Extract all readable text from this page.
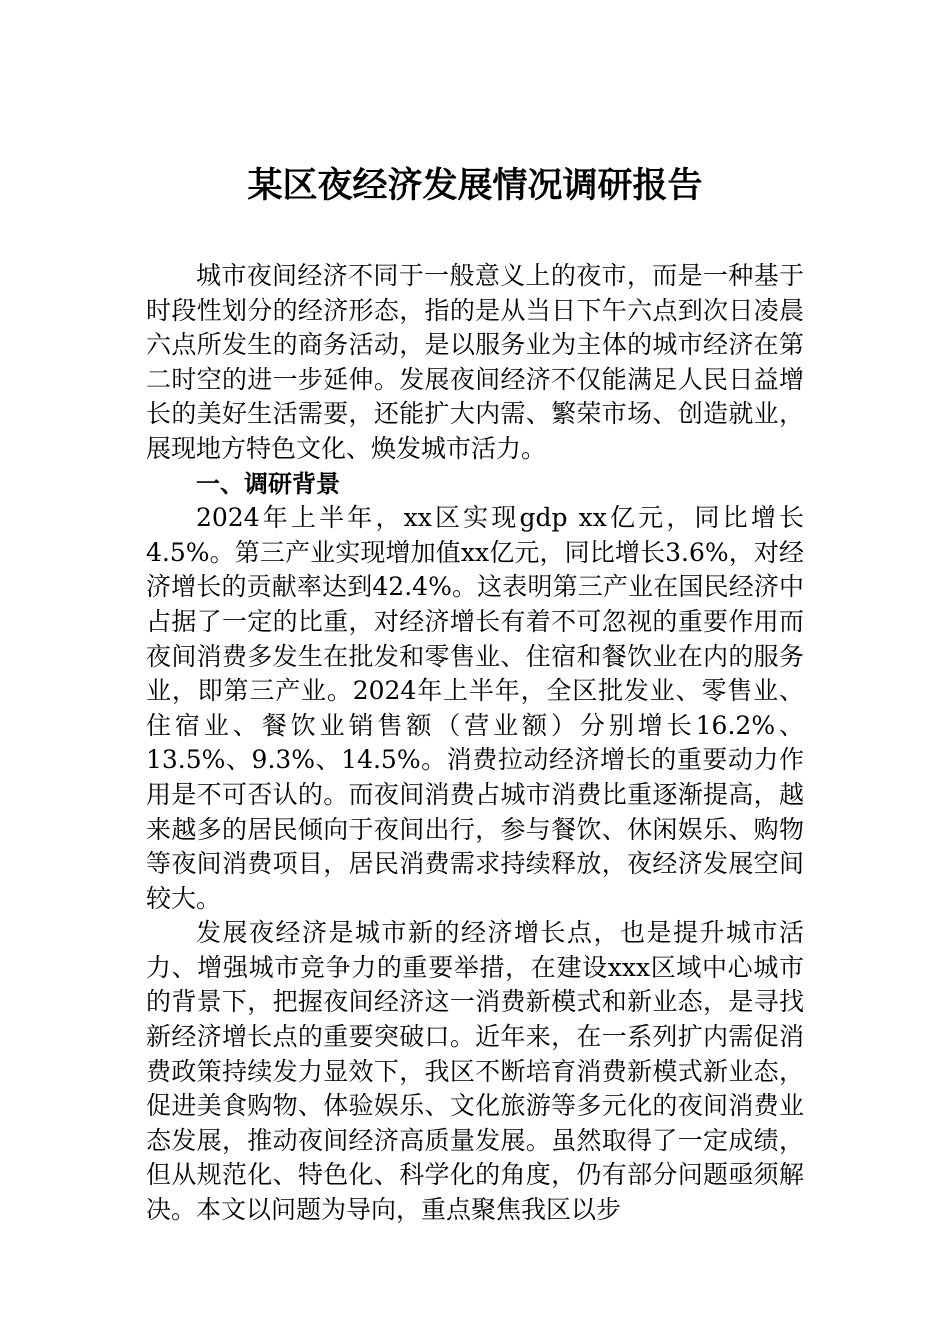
某区夜经济发展情况调研报告

城市夜间经济不同于一般意义上的夜市，而是一种基于时段性划分的经济形态，指的是从当日下午六点到次日凌晨六点所发生的商务活动，是以服务业为主体的城市经济在第二时空的进一步延伸。发展夜间经济不仅能满足人民日益增长的美好生活需要，还能扩大内需、繁荣市场、创造就业，展现地方特色文化、焕发城市活力。

一、调研背景

2024年上半年，xx区实现gdp xx亿元，同比增长4.5%。第三产业实现增加值xx亿元，同比增长3.6%，对经济增长的贡献率达到42.4%。这表明第三产业在国民经济中占据了一定的比重，对经济增长有着不可忽视的重要作用而夜间消费多发生在批发和零售业、住宿和餐饮业在内的服务业，即第三产业。2024年上半年，全区批发业、零售业、住宿业、餐饮业销售额（营业额）分别增长16.2%、13.5%、9.3%、14.5%。消费拉动经济增长的重要动力作用是不可否认的。而夜间消费占城市消费比重逐渐提高，越来越多的居民倾向于夜间出行，参与餐饮、休闲娱乐、购物等夜间消费项目，居民消费需求持续释放，夜经济发展空间较大。

发展夜经济是城市新的经济增长点，也是提升城市活力、增强城市竞争力的重要举措，在建设xxx区域中心城市的背景下，把握夜间经济这一消费新模式和新业态，是寻找新经济增长点的重要突破口。近年来，在一系列扩内需促消费政策持续发力显效下，我区不断培育消费新模式新业态，促进美食购物、体验娱乐、文化旅游等多元化的夜间消费业态发展，推动夜间经济高质量发展。虽然取得了一定成绩，但从规范化、特色化、科学化的角度，仍有部分问题亟须解决。本文以问题为导向，重点聚焦我区以步
